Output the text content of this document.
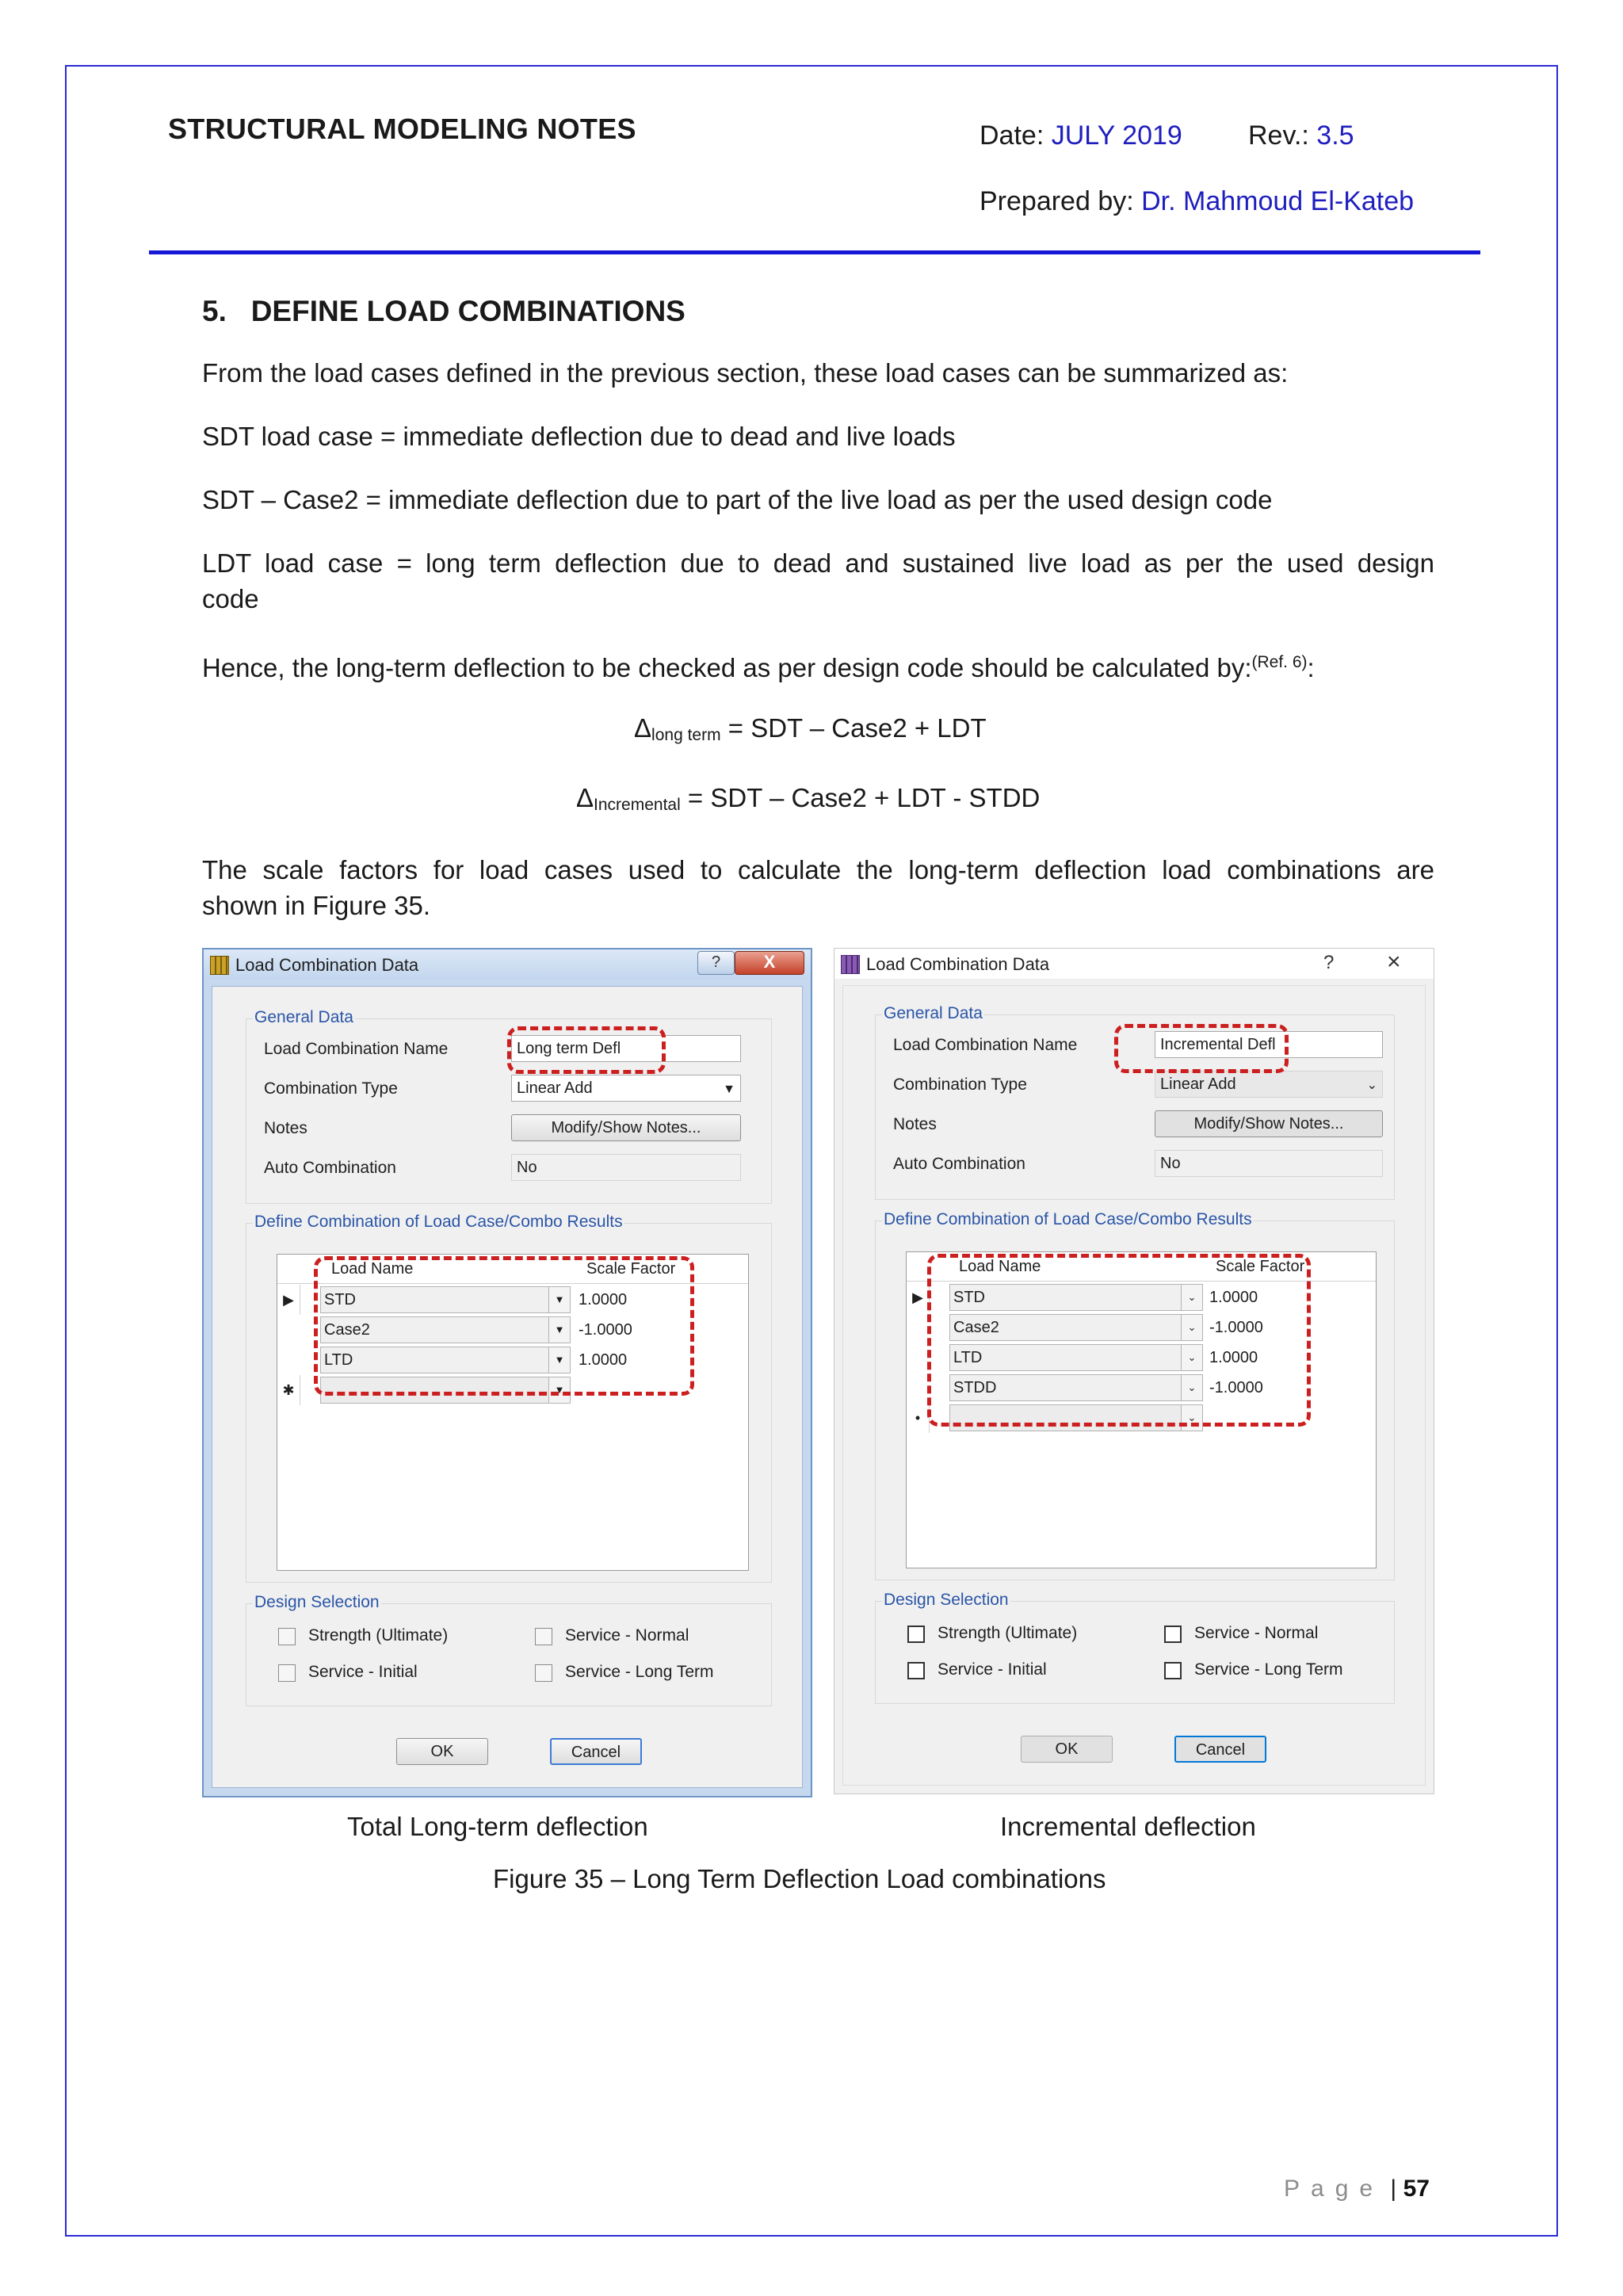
STRUCTURAL MODELING NOTES	Date: JULY 2019 Rev.: 3.5
Prepared by: Dr. Mahmoud El-Kateb
5. DEFINE LOAD COMBINATIONS
From the load cases defined in the previous section, these load cases can be summarized as:
SDT load case = immediate deflection due to dead and live loads
SDT – Case2 = immediate deflection due to part of the live load as per the used design code
LDT load case = long term deflection due to dead and sustained live load as per the used design
code
Hence, the long-term deflection to be checked as per design code should be calculated by:$^{(Ref. 6)}$:
$\Delta_{long term}$ = SDT – Case2 + LDT
$\Delta_{Incremental}$ = SDT – Case2 + LDT - STDD
The scale factors for load cases used to calculate the long-term deflection load combinations are
shown in Figure 35.
Load Combination Data	?	X
General Data
Load Combination Name	Long term Defl
Combination Type	Linear Add	▼
Notes	Modify/Show Notes...
Auto Combination	No
Define Combination of Load Case/Combo Results
Load Name	Scale Factor
▶	STD	▼ 1.0000
Case2	▼ -1.0000
LTD	▼ 1.0000
✱	▼
Design Selection
Strength (Ultimate)	Service - Normal
Service - Initial	Service - Long Term
OK	Cancel
Load Combination Data	? ×
General Data
Load Combination Name	Incremental Defl
Combination Type	Linear Add	⌄
Notes	Modify/Show Notes...
Auto Combination	No
Define Combination of Load Case/Combo Results
Load Name	Scale Factor
▶	STD	⌄ 1.0000
Case2	⌄ -1.0000
LTD	⌄ 1.0000
STDD	⌄ -1.0000
•	⌄
Design Selection
Strength (Ultimate)	Service - Normal
Service - Initial	Service - Long Term
OK	Cancel
Total Long-term deflection	Incremental deflection
Figure 35 – Long Term Deflection Load combinations
Page | 57
